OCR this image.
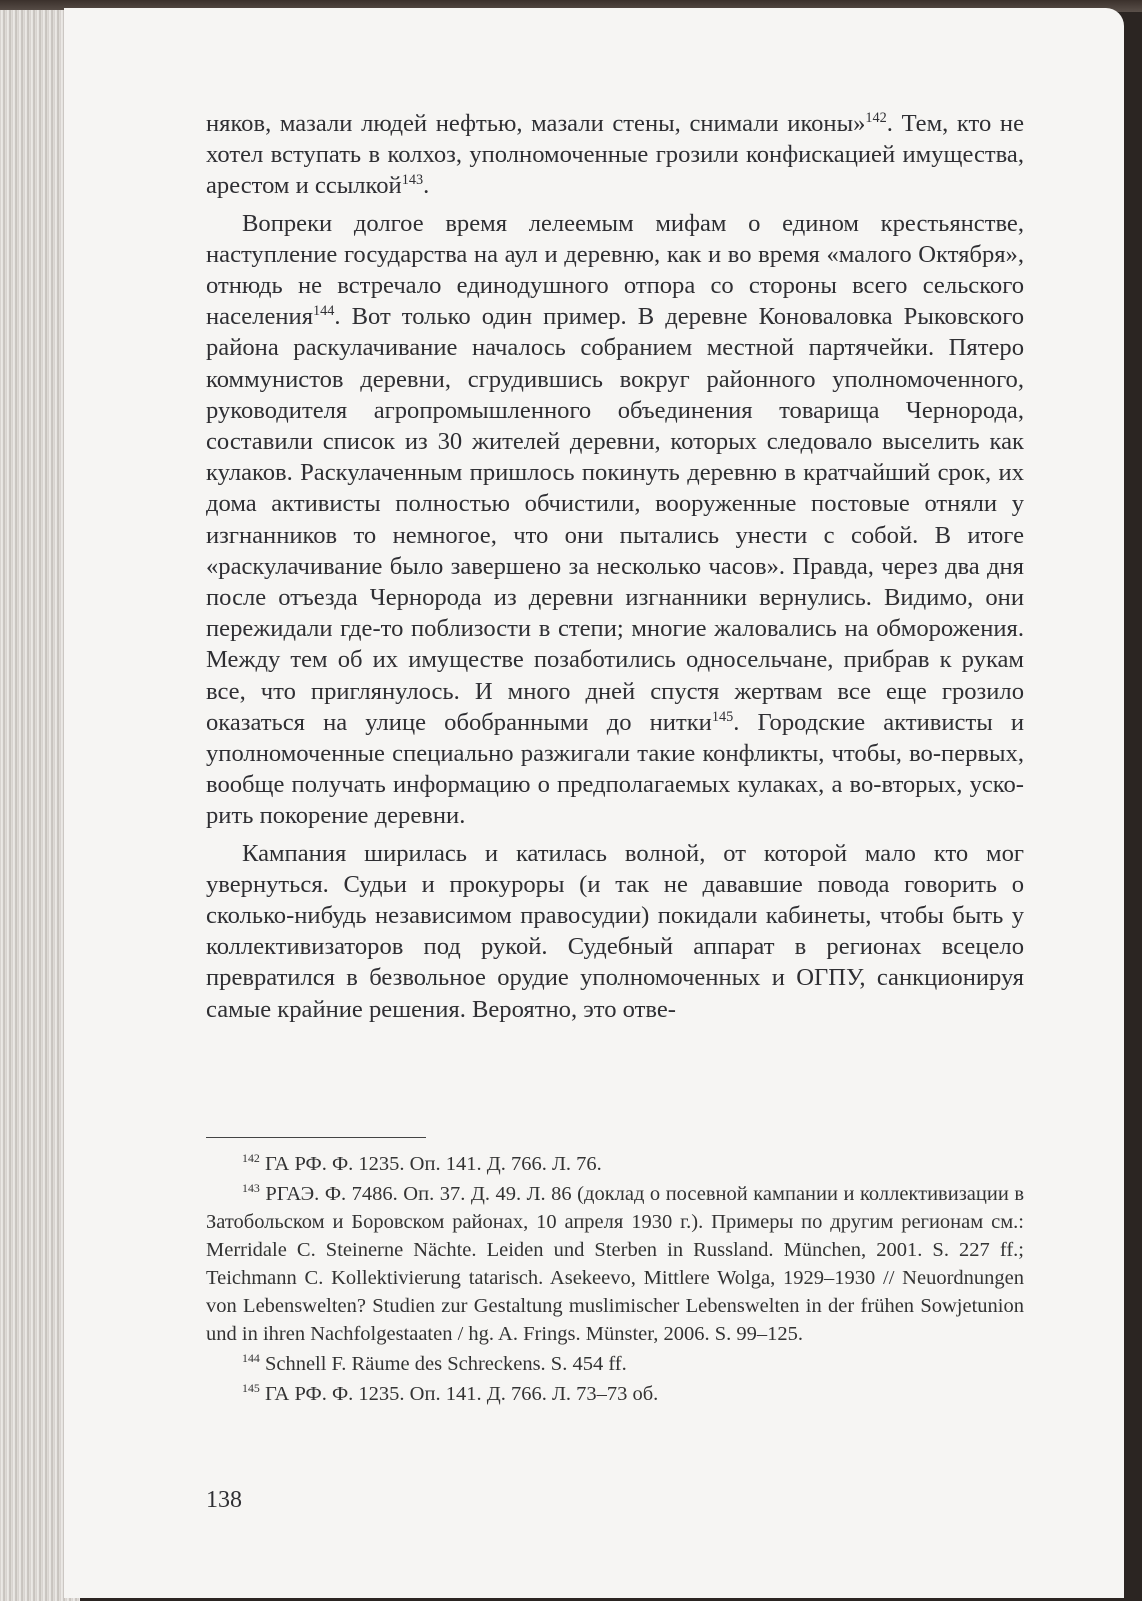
няков, мазали людей нефтью, мазали стены, снимали иконы»$^{142}$. Тем, кто не хотел вступать в колхоз, уполномоченные грозили конфискацией имущества, арестом и ссылкой$^{143}$.

Вопреки долгое время лелеемым мифам о едином крестьянстве, наступление государства на аул и деревню, как и во время «малого Октября», отнюдь не встречало единодушного отпора со стороны всего сельского населения$^{144}$. Вот только один пример. В деревне Коноваловка Рыковского района раскулачивание началось собранием местной партячейки. Пятеро коммунистов деревни, сгрудившись вокруг районного уполномоченного, руководителя агропромышленного объединения товарища Чернорода, составили список из 30 жителей деревни, которых следовало выселить как кулаков. Раскулаченным пришлось покинуть деревню в кратчайший срок, их дома активисты полностью обчистили, вооруженные постовые отняли у изгнанников то немногое, что они пытались унести с собой. В итоге «раскулачивание было завершено за несколько часов». Правда, через два дня после отъезда Чернорода из деревни изгнанники вернулись. Видимо, они пережидали где-то поблизости в степи; многие жаловались на обморожения. Между тем об их имуществе позаботились односельчане, прибрав к рукам все, что приглянулось. И много дней спустя жертвам все еще грозило оказаться на улице обобранными до нитки$^{145}$. Городские активисты и уполномоченные специально разжигали такие конфликты, чтобы, во-первых, вообще получать информацию о предполагаемых кулаках, а во-вторых, ускорить покорение деревни.

Кампания ширилась и катилась волной, от которой мало кто мог увернуться. Судьи и прокуроры (и так не дававшие повода говорить о сколько-нибудь независимом правосудии) покидали кабинеты, чтобы быть у коллективизаторов под рукой. Судебный аппарат в регионах всецело превратился в безвольное орудие уполномоченных и ОГПУ, санкционируя самые крайние решения. Вероятно, это отве-

$^{142}$ ГА РФ. Ф. 1235. Оп. 141. Д. 766. Л. 76.

$^{143}$ РГАЭ. Ф. 7486. Оп. 37. Д. 49. Л. 86 (доклад о посевной кампании и коллективизации в Затобольском и Боровском районах, 10 апреля 1930 г.). Примеры по другим регионам см.: Merridale C. Steinerne Nächte. Leiden und Sterben in Russland. München, 2001. S. 227 ff.; Teichmann C. Kollektivierung tatarisch. Asekeevo, Mittlere Wolga, 1929–1930 // Neuordnungen von Lebenswelten? Studien zur Gestaltung muslimischer Lebenswelten in der frühen Sowjetunion und in ihren Nachfolgestaaten / hg. A. Frings. Münster, 2006. S. 99–125.

$^{144}$ Schnell F. Räume des Schreckens. S. 454 ff.

$^{145}$ ГА РФ. Ф. 1235. Оп. 141. Д. 766. Л. 73–73 об.

138
